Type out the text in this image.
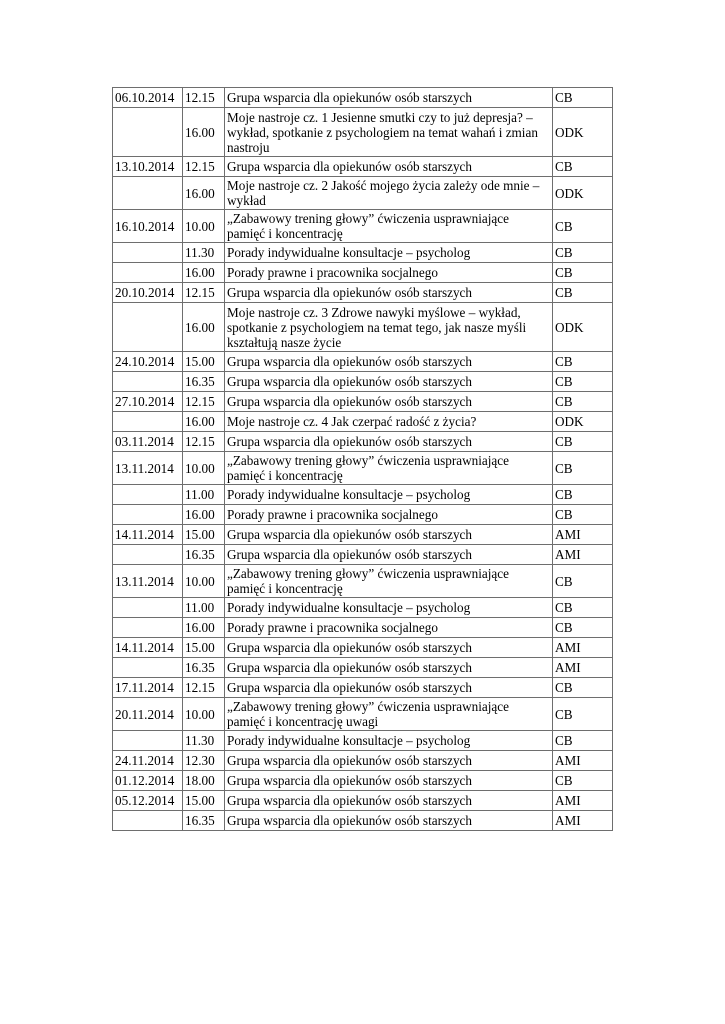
06.10.2014	12.15	Grupa wsparcia dla opiekunów osób starszych	CB
	16.00	Moje nastroje cz. 1 Jesienne smutki czy to już depresja? – wykład, spotkanie z psychologiem na temat wahań i zmian nastroju	ODK
13.10.2014	12.15	Grupa wsparcia dla opiekunów osób starszych	CB
	16.00	Moje nastroje cz. 2 Jakość mojego życia zależy ode mnie – wykład	ODK
16.10.2014	10.00	„Zabawowy trening głowy” ćwiczenia usprawniające pamięć i koncentrację	CB
	11.30	Porady indywidualne konsultacje – psycholog	CB
	16.00	Porady prawne i pracownika socjalnego	CB
20.10.2014	12.15	Grupa wsparcia dla opiekunów osób starszych	CB
	16.00	Moje nastroje cz. 3 Zdrowe nawyki myślowe – wykład, spotkanie z psychologiem na temat tego, jak nasze myśli kształtują nasze życie	ODK
24.10.2014	15.00	Grupa wsparcia dla opiekunów osób starszych	CB
	16.35	Grupa wsparcia dla opiekunów osób starszych	CB
27.10.2014	12.15	Grupa wsparcia dla opiekunów osób starszych	CB
	16.00	Moje nastroje cz. 4 Jak czerpać radość z życia?	ODK
03.11.2014	12.15	Grupa wsparcia dla opiekunów osób starszych	CB
13.11.2014	10.00	„Zabawowy trening głowy” ćwiczenia usprawniające pamięć i koncentrację	CB
	11.00	Porady indywidualne konsultacje – psycholog	CB
	16.00	Porady prawne i pracownika socjalnego	CB
14.11.2014	15.00	Grupa wsparcia dla opiekunów osób starszych	AMI
	16.35	Grupa wsparcia dla opiekunów osób starszych	AMI
13.11.2014	10.00	„Zabawowy trening głowy” ćwiczenia usprawniające pamięć i koncentrację	CB
	11.00	Porady indywidualne konsultacje – psycholog	CB
	16.00	Porady prawne i pracownika socjalnego	CB
14.11.2014	15.00	Grupa wsparcia dla opiekunów osób starszych	AMI
	16.35	Grupa wsparcia dla opiekunów osób starszych	AMI
17.11.2014	12.15	Grupa wsparcia dla opiekunów osób starszych	CB
20.11.2014	10.00	„Zabawowy trening głowy” ćwiczenia usprawniające pamięć i koncentrację uwagi	CB
	11.30	Porady indywidualne konsultacje – psycholog	CB
24.11.2014	12.30	Grupa wsparcia dla opiekunów osób starszych	AMI
01.12.2014	18.00	Grupa wsparcia dla opiekunów osób starszych	CB
05.12.2014	15.00	Grupa wsparcia dla opiekunów osób starszych	AMI
	16.35	Grupa wsparcia dla opiekunów osób starszych	AMI
